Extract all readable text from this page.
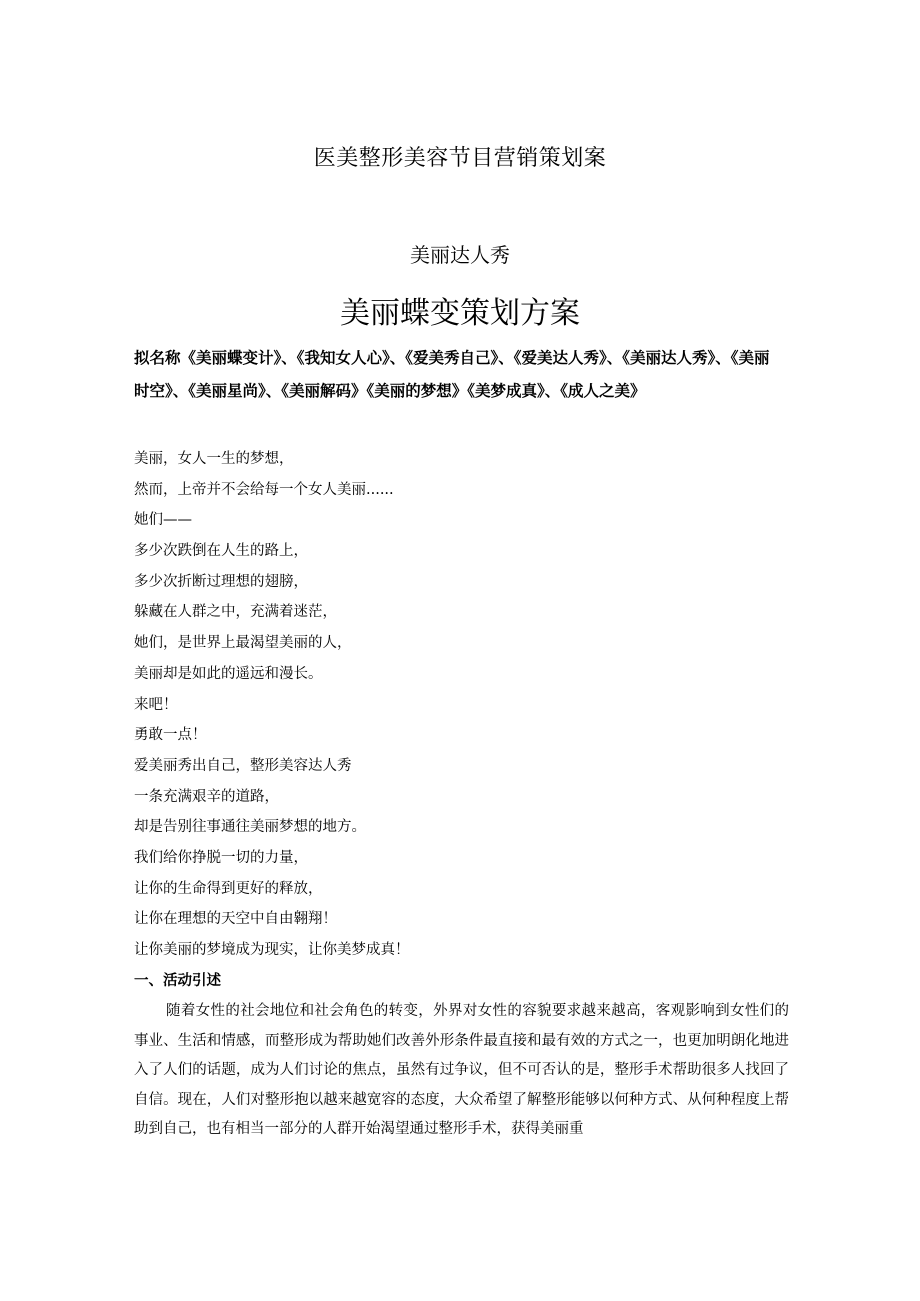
医美整形美容节目营销策划案
美丽达人秀
美丽蝶变策划方案
拟名称《美丽蝶变计》、《我知女人心》、《爱美秀自己》、《爱美达人秀》、《美丽达人秀》、《美丽时空》、《美丽星尚》、《美丽解码》《美丽的梦想》《美梦成真》、《成人之美》
美丽，女人一生的梦想，
然而，上帝并不会给每一个女人美丽......
她们——
多少次跌倒在人生的路上，
多少次折断过理想的翅膀，
躲藏在人群之中，充满着迷茫，
她们，是世界上最渴望美丽的人，
美丽却是如此的遥远和漫长。
来吧！
勇敢一点！
爱美丽秀出自己，整形美容达人秀
一条充满艰辛的道路，
却是告别往事通往美丽梦想的地方。
我们给你挣脱一切的力量，
让你的生命得到更好的释放，
让你在理想的天空中自由翱翔！
让你美丽的梦境成为现实，让你美梦成真！
一、活动引述
随着女性的社会地位和社会角色的转变，外界对女性的容貌要求越来越高，客观影响到女性们的事业、生活和情感，而整形成为帮助她们改善外形条件最直接和最有效的方式之一，也更加明朗化地进入了人们的话题，成为人们讨论的焦点，虽然有过争议，但不可否认的是，整形手术帮助很多人找回了自信。现在，人们对整形抱以越来越宽容的态度，大众希望了解整形能够以何种方式、从何种程度上帮助到自己，也有相当一部分的人群开始渴望通过整形手术，获得美丽重
